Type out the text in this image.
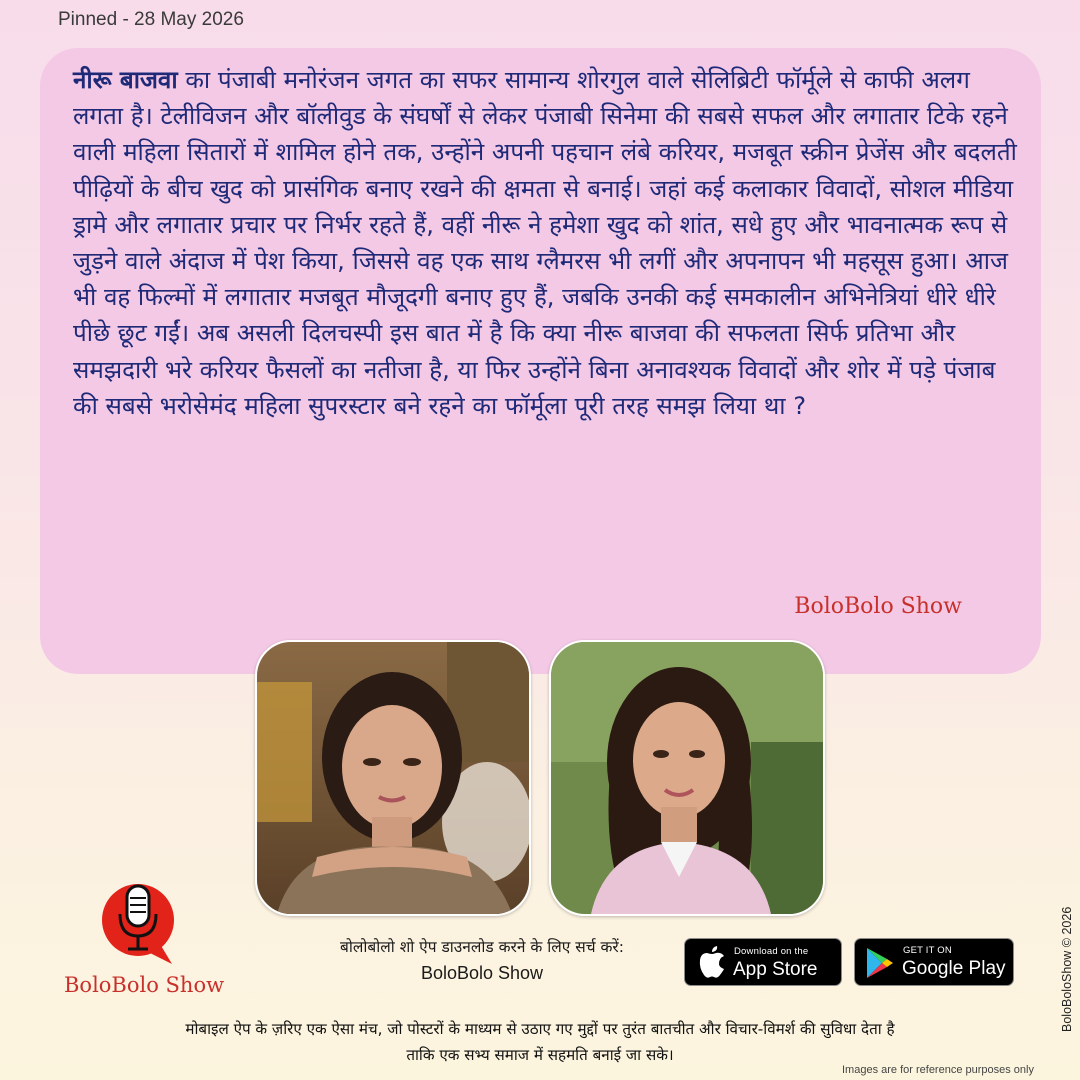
Pinned - 28 May 2026

नीरू बाजवा का पंजाबी मनोरंजन जगत का सफर सामान्य शोरगुल वाले सेलिब्रिटी फॉर्मूले से काफी अलग लगता है। टेलीविजन और बॉलीवुड के संघर्षों से लेकर पंजाबी सिनेमा की सबसे सफल और लगातार टिके रहने वाली महिला सितारों में शामिल होने तक, उन्होंने अपनी पहचान लंबे करियर, मजबूत स्क्रीन प्रेजेंस और बदलती पीढ़ियों के बीच खुद को प्रासंगिक बनाए रखने की क्षमता से बनाई। जहां कई कलाकार विवादों, सोशल मीडिया ड्रामे और लगातार प्रचार पर निर्भर रहते हैं, वहीं नीरू ने हमेशा खुद को शांत, सधे हुए और भावनात्मक रूप से जुड़ने वाले अंदाज में पेश किया, जिससे वह एक साथ ग्लैमरस भी लगीं और अपनापन भी महसूस हुआ। आज भी वह फिल्मों में लगातार मजबूत मौजूदगी बनाए हुए हैं, जबकि उनकी कई समकालीन अभिनेत्रियां धीरे धीरे पीछे छूट गईं। अब असली दिलचस्पी इस बात में है कि क्या नीरू बाजवा की सफलता सिर्फ प्रतिभा और समझदारी भरे करियर फैसलों का नतीजा है, या फिर उन्होंने बिना अनावश्यक विवादों और शोर में पड़े पंजाब की सबसे भरोसेमंद महिला सुपरस्टार बने रहने का फॉर्मूला पूरी तरह समझ लिया था ?

BoloBolo Show
BoloBolo Show
बोलोबोलो शो ऐप डाउनलोड करने के लिए सर्च करें:
BoloBolo Show
Download on the
App Store
GET IT ON
Google Play
मोबाइल ऐप के ज़रिए एक ऐसा मंच, जो पोस्टरों के माध्यम से उठाए गए मुद्दों पर तुरंत बातचीत और विचार-विमर्श की सुविधा देता है
ताकि एक सभ्य समाज में सहमति बनाई जा सके।
BoloBoloShow © 2026
Images are for reference purposes only
